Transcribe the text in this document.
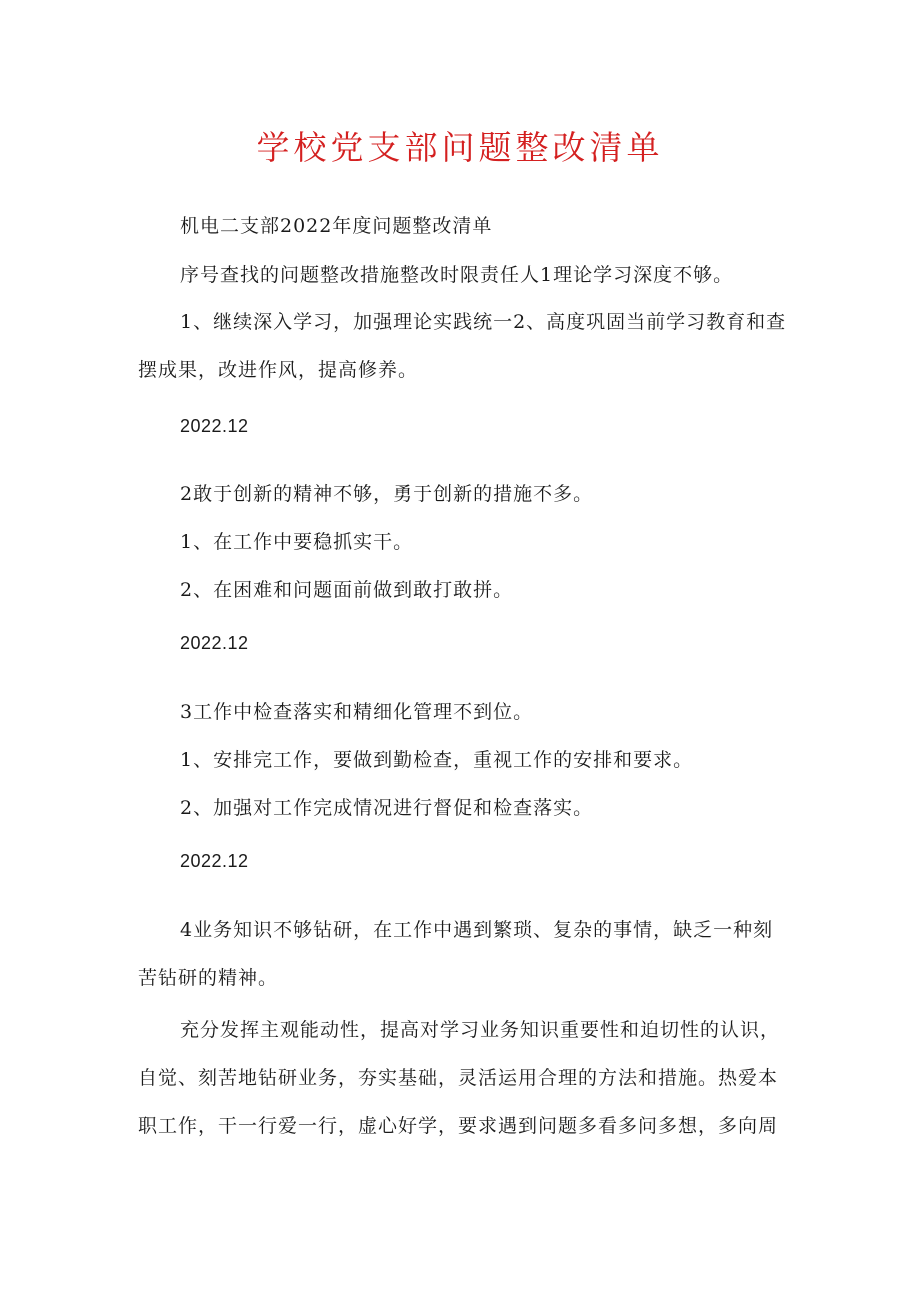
学校党支部问题整改清单

机电二支部2022年度问题整改清单

序号查找的问题整改措施整改时限责任人1理论学习深度不够。

1、继续深入学习，加强理论实践统一2、高度巩固当前学习教育和查摆成果，改进作风，提高修养。

2022.12

2敢于创新的精神不够，勇于创新的措施不多。

1、在工作中要稳抓实干。

2、在困难和问题面前做到敢打敢拼。

2022.12

3工作中检查落实和精细化管理不到位。

1、安排完工作，要做到勤检查，重视工作的安排和要求。

2、加强对工作完成情况进行督促和检查落实。

2022.12

4业务知识不够钻研，在工作中遇到繁琐、复杂的事情，缺乏一种刻苦钻研的精神。

充分发挥主观能动性，提高对学习业务知识重要性和迫切性的认识，自觉、刻苦地钻研业务，夯实基础，灵活运用合理的方法和措施。热爱本职工作，干一行爱一行，虚心好学，要求遇到问题多看多问多想，多向周
